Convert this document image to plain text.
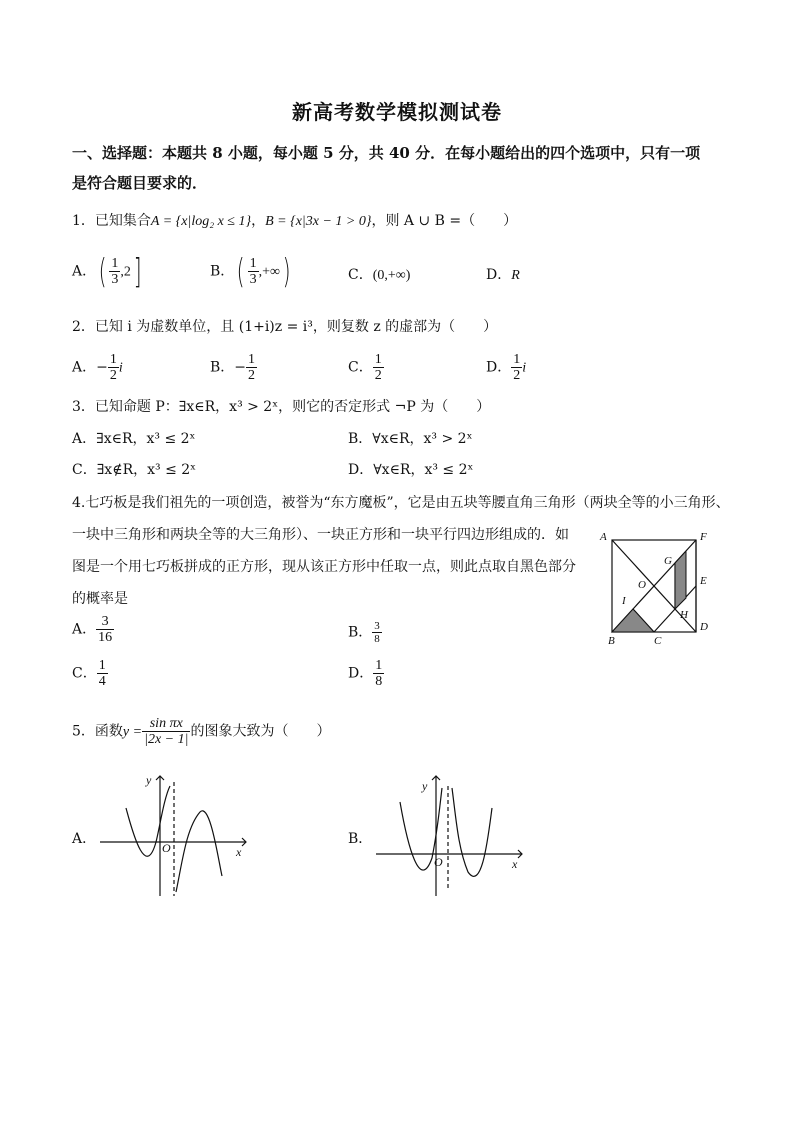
新高考数学模拟测试卷
一、选择题：本题共 8 小题，每小题 5 分，共 40 分．在每小题给出的四个选项中，只有一项
是符合题目要求的．
1．已知集合A = {x|log₂ x ≤ 1}，B = {x|3x − 1 > 0}，则 A ∪ B =（　　）
A．( $\frac{1}{3} ,2$]	B．( $\frac{1}{3}$ ,+∞)	C．(0,+∞)	D．R
2．已知 i 为虚数单位，且 (1+i)z = i³，则复数 z 的虚部为（　　）
A．− $\frac{1}{2}$ i	B．− $\frac{1}{2}$	C． $\frac{1}{2}$	D． $\frac{1}{2}$ i
3．已知命题 P：∃x∈R，x³ > 2ˣ，则它的否定形式 ¬P 为（　　）
A．∃x∈R，x³ ≤ 2ˣ	B．∀x∈R，x³ > 2ˣ
C．∃x∉R，x³ ≤ 2ˣ	D．∀x∈R，x³ ≤ 2ˣ
4.七巧板是我们祖先的一项创造，被誉为“东方魔板”，它是由五块等腰直角三角形（两块全等的小三角形、
一块中三角形和两块全等的大三角形）、一块正方形和一块平行四边形组成的．如
图是一个用七巧板拼成的正方形，现从该正方形中任取一点，则此点取自黑色部分
的概率是
A． $\frac{3}{16}$	B． $\frac{3}{8}$
C． $\frac{1}{4}$	D． $\frac{1}{8}$
A	F
E
D
B	C
G
H
I
O
5．函数$y = \frac{\text{sin πx}}{|2x - 1|}$ 的图象大致为（　　）
A．	B．
y
x
O
y
x
O
